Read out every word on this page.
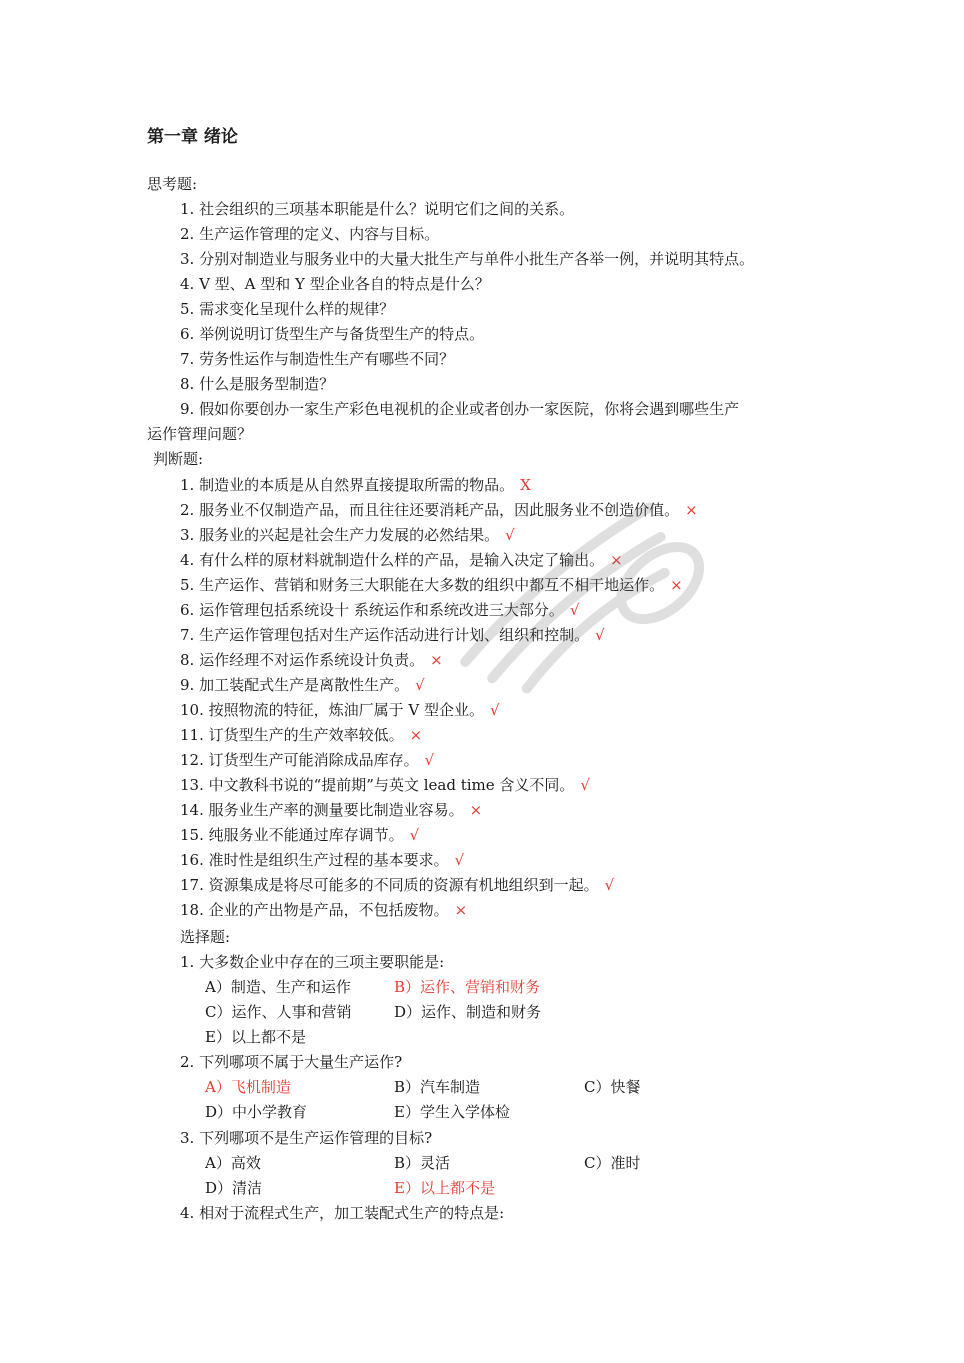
第一章 绪论
思考题:
1. 社会组织的三项基本职能是什么？说明它们之间的关系。
2. 生产运作管理的定义、内容与目标。
3. 分别对制造业与服务业中的大量大批生产与单件小批生产各举一例，并说明其特点。
4. V 型、A 型和 Y 型企业各自的特点是什么？
5. 需求变化呈现什么样的规律？
6. 举例说明订货型生产与备货型生产的特点。
7. 劳务性运作与制造性生产有哪些不同？
8. 什么是服务型制造？
9. 假如你要创办一家生产彩色电视机的企业或者创办一家医院，你将会遇到哪些生产
运作管理问题？
判断题:
1. 制造业的本质是从自然界直接提取所需的物品。 X
2. 服务业不仅制造产品，而且往往还要消耗产品，因此服务业不创造价值。 ×
3. 服务业的兴起是社会生产力发展的必然结果。 √
4. 有什么样的原材料就制造什么样的产品，是输入决定了输出。 ×
5. 生产运作、营销和财务三大职能在大多数的组织中都互不相干地运作。 ×
6. 运作管理包括系统设十 系统运作和系统改进三大部分。 √
7. 生产运作管理包括对生产运作活动进行计划、组织和控制。 √
8. 运作经理不对运作系统设计负责。 ×
9. 加工装配式生产是离散性生产。 √
10. 按照物流的特征，炼油厂属于 V 型企业。 √
11. 订货型生产的生产效率较低。 ×
12. 订货型生产可能消除成品库存。 √
13. 中文教科书说的“提前期”与英文 lead time 含义不同。 √
14. 服务业生产率的测量要比制造业容易。 ×
15. 纯服务业不能通过库存调节。 √
16. 准时性是组织生产过程的基本要求。 √
17. 资源集成是将尽可能多的不同质的资源有机地组织到一起。 √
18. 企业的产出物是产品，不包括废物。 ×
选择题:
1. 大多数企业中存在的三项主要职能是:
A）制造、生产和运作	B）运作、营销和财务
C）运作、人事和营销	D）运作、制造和财务
E）以上都不是
2. 下列哪项不属于大量生产运作?
A）飞机制造	B）汽车制造	C）快餐
D）中小学教育	E）学生入学体检
3. 下列哪项不是生产运作管理的目标?
A）高效	B）灵活	C）准时
D）清洁	E）以上都不是
4. 相对于流程式生产，加工装配式生产的特点是:
